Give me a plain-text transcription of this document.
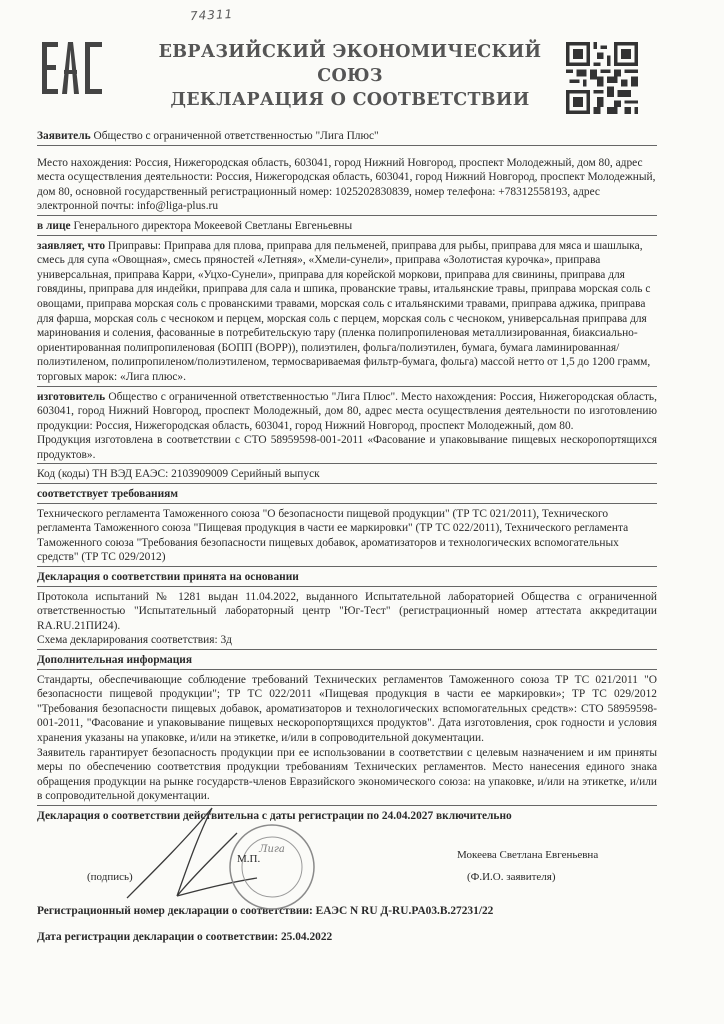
74311
ЕВРАЗИЙСКИЙ ЭКОНОМИЧЕСКИЙ СОЮЗ
ДЕКЛАРАЦИЯ О СООТВЕТСТВИИ
Заявитель Общество с ограниченной ответственностью "Лига Плюс"

Место нахождения: Россия, Нижегородская область, 603041, город Нижний Новгород, проспект Молодежный, дом 80, адрес места осуществления деятельности: Россия, Нижегородская область, 603041, город Нижний Новгород, проспект Молодежный, дом 80, основной государственный регистрационный номер: 1025202830839, номер телефона: +78312558193, адрес электронной почты: info@liga-plus.ru

в лице Генерального директора Мокеевой Светланы Евгеньевны

заявляет, что Приправы: Приправа для плова, приправа для пельменей, приправа для рыбы, приправа для мяса и шашлыка, смесь для супа «Овощная», смесь пряностей «Летняя», «Хмели-сунели», приправа «Золотистая курочка», приправа универсальная, приправа Карри, «Уцхо-Сунели», приправа для корейской моркови, приправа для свинины, приправа для говядины, приправа для индейки, приправа для сала и шпика, прованские травы, итальянские травы, приправа морская соль с овощами, приправа морская соль с прованскими травами, морская соль с итальянскими травами, приправа аджика, приправа для фарша, морская соль с чесноком и перцем, морская соль с перцем, морская соль с чесноком, универсальная приправа для маринования и соления, фасованные в потребительскую тару (пленка полипропиленовая металлизированная, биаксиально-ориентированная полипропиленовая (БОПП (ВОРР)), полиэтилен, фольга/полиэтилен, бумага, бумага ламинированная/полиэтиленом, полипропиленом/полиэтиленом, термосвариваемая фильтр-бумага, фольга) массой нетто от 1,5 до 1200 грамм, торговых марок: «Лига плюс».

изготовитель Общество с ограниченной ответственностью "Лига Плюс". Место нахождения: Россия, Нижегородская область, 603041, город Нижний Новгород, проспект Молодежный, дом 80, адрес места осуществления деятельности по изготовлению продукции: Россия, Нижегородская область, 603041, город Нижний Новгород, проспект Молодежный, дом 80.

Продукция изготовлена в соответствии с СТО 58959598-001-2011 «Фасование и упаковывание пищевых нескоропортящихся продуктов».

Код (коды) ТН ВЭД ЕАЭС: 2103909009 Серийный выпуск

соответствует требованиям

Технического регламента Таможенного союза "О безопасности пищевой продукции" (ТР ТС 021/2011), Технического регламента Таможенного союза "Пищевая продукция в части ее маркировки" (ТР ТС 022/2011), Технического регламента Таможенного союза "Требования безопасности пищевых добавок, ароматизаторов и технологических вспомогательных средств" (ТР ТС 029/2012)

Декларация о соответствии принята на основании

Протокола испытаний № 1281 выдан 11.04.2022, выданного Испытательной лабораторией Общества с ограниченной ответственностью "Испытательный лабораторный центр "Юг-Тест" (регистрационный номер аттестата аккредитации RA.RU.21ПИ24).

Схема декларирования соответствия: 3д

Дополнительная информация

Стандарты, обеспечивающие соблюдение требований Технических регламентов Таможенного союза ТР ТС 021/2011 "О безопасности пищевой продукции"; ТР ТС 022/2011 «Пищевая продукция в части ее маркировки»; ТР ТС 029/2012 "Требования безопасности пищевых добавок, ароматизаторов и технологических вспомогательных средств»: СТО 58959598-001-2011, "Фасование и упаковывание пищевых нескоропортящихся продуктов". Дата изготовления, срок годности и условия хранения указаны на упаковке, и/или на этикетке, и/или в сопроводительной документации.

Заявитель гарантирует безопасность продукции при ее использовании в соответствии с целевым назначением и им приняты меры по обеспечению соответствия продукции требованиям Технических регламентов. Место нанесения единого знака обращения продукции на рынке государств-членов Евразийского экономического союза: на упаковке, и/или на этикетке, и/или в сопроводительной документации.

Декларация о соответствии действительна с даты регистрации по 24.04.2027 включительно
Лига
М.П.	Мокеева Светлана Евгеньевна
(подпись)	(Ф.И.О. заявителя)

Регистрационный номер декларации о соответствии: ЕАЭС N RU Д-RU.PA03.B.27231/22

Дата регистрации декларации о соответствии: 25.04.2022
